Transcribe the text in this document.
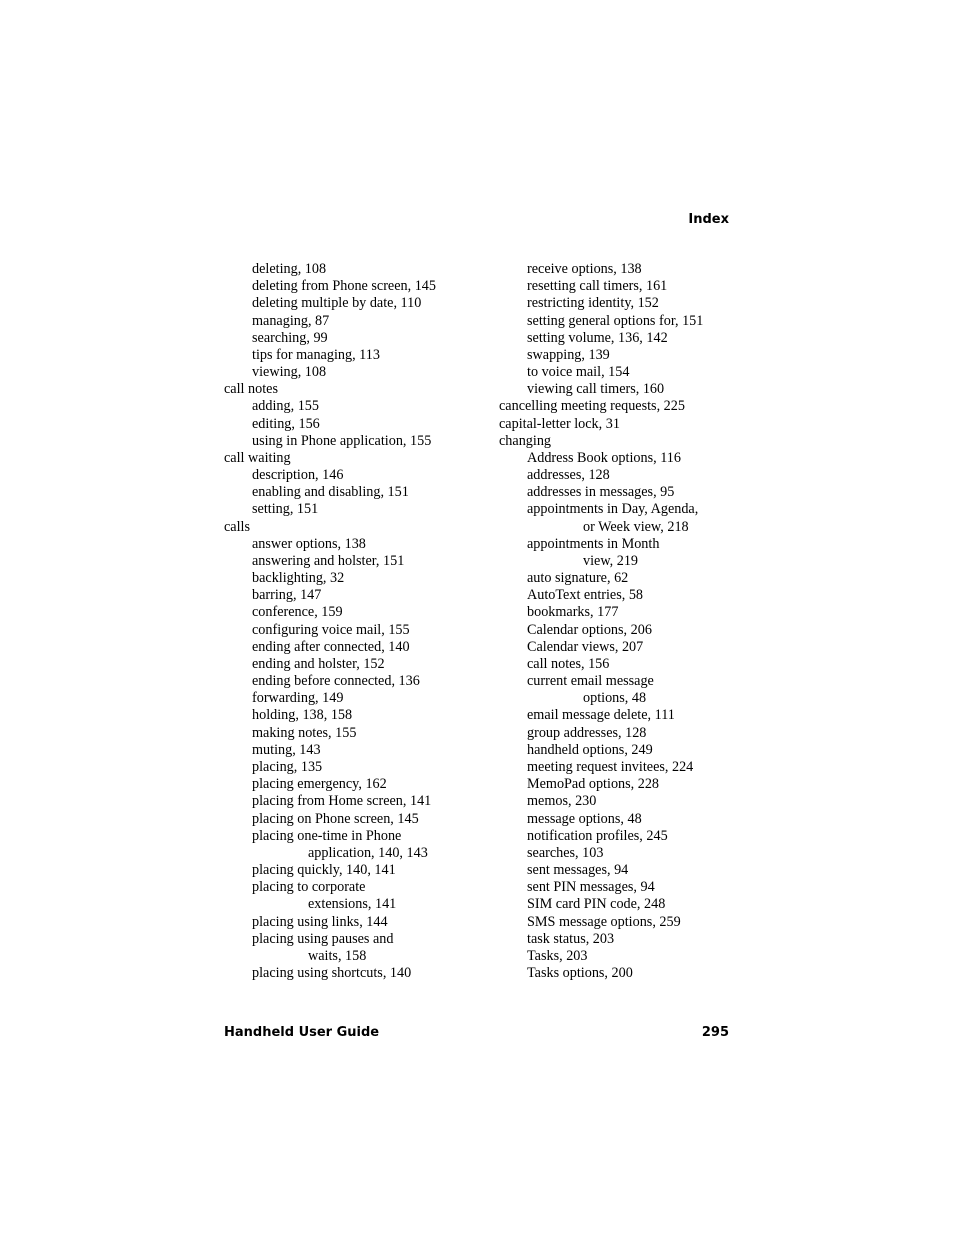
Index
deleting, 108
deleting from Phone screen, 145
deleting multiple by date, 110
managing, 87
searching, 99
tips for managing, 113
viewing, 108
call notes
adding, 155
editing, 156
using in Phone application, 155
call waiting
description, 146
enabling and disabling, 151
setting, 151
calls
answer options, 138
answering and holster, 151
backlighting, 32
barring, 147
conference, 159
configuring voice mail, 155
ending after connected, 140
ending and holster, 152
ending before connected, 136
forwarding, 149
holding, 138, 158
making notes, 155
muting, 143
placing, 135
placing emergency, 162
placing from Home screen, 141
placing on Phone screen, 145
placing one-time in Phone
application, 140, 143
placing quickly, 140, 141
placing to corporate
extensions, 141
placing using links, 144
placing using pauses and
waits, 158
placing using shortcuts, 140
receive options, 138
resetting call timers, 161
restricting identity, 152
setting general options for, 151
setting volume, 136, 142
swapping, 139
to voice mail, 154
viewing call timers, 160
cancelling meeting requests, 225
capital-letter lock, 31
changing
Address Book options, 116
addresses, 128
addresses in messages, 95
appointments in Day, Agenda,
or Week view, 218
appointments in Month
view, 219
auto signature, 62
AutoText entries, 58
bookmarks, 177
Calendar options, 206
Calendar views, 207
call notes, 156
current email message
options, 48
email message delete, 111
group addresses, 128
handheld options, 249
meeting request invitees, 224
MemoPad options, 228
memos, 230
message options, 48
notification profiles, 245
searches, 103
sent messages, 94
sent PIN messages, 94
SIM card PIN code, 248
SMS message options, 259
task status, 203
Tasks, 203
Tasks options, 200
Handheld User Guide	295
